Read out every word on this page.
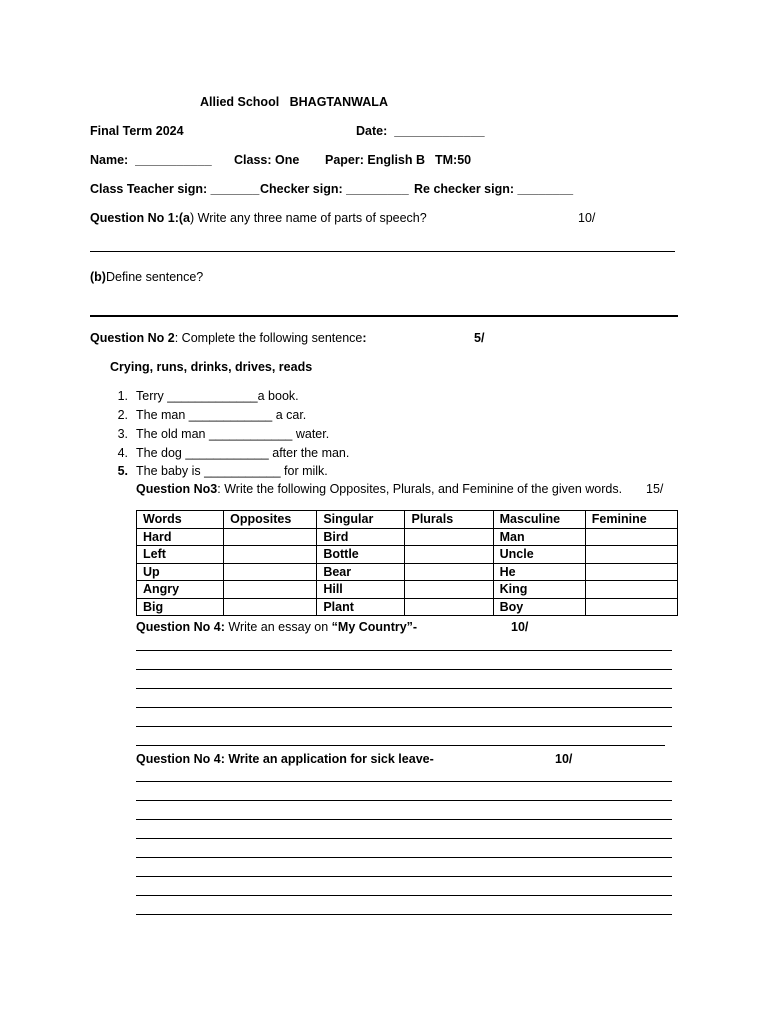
Allied School BHAGTANWALA
Final Term 2024	Date: _____________
Name: ___________ Class: One Paper: English B TM:50
Class Teacher sign: _______ Checker sign: _________ Re checker sign: ________
Question No 1:(a) Write any three name of parts of speech?	10/
(b)Define sentence?
Question No 2: Complete the following sentence:	5/
Crying, runs, drinks, drives, reads
1. Terry _____________a book.
2. The man ____________ a car.
3. The old man ____________ water.
4. The dog ____________ after the man.
5. The baby is ___________ for milk.
Question No3: Write the following Opposites, Plurals, and Feminine of the given words. 15/
Words	Opposites	Singular	Plurals	Masculine	Feminine
Hard		Bird		Man	
Left		Bottle		Uncle	
Up		Bear		He	
Angry		Hill		King	
Big		Plant		Boy	
Question No 4: Write an essay on “My Country”-	10/
Question No 4: Write an application for sick leave-	10/
